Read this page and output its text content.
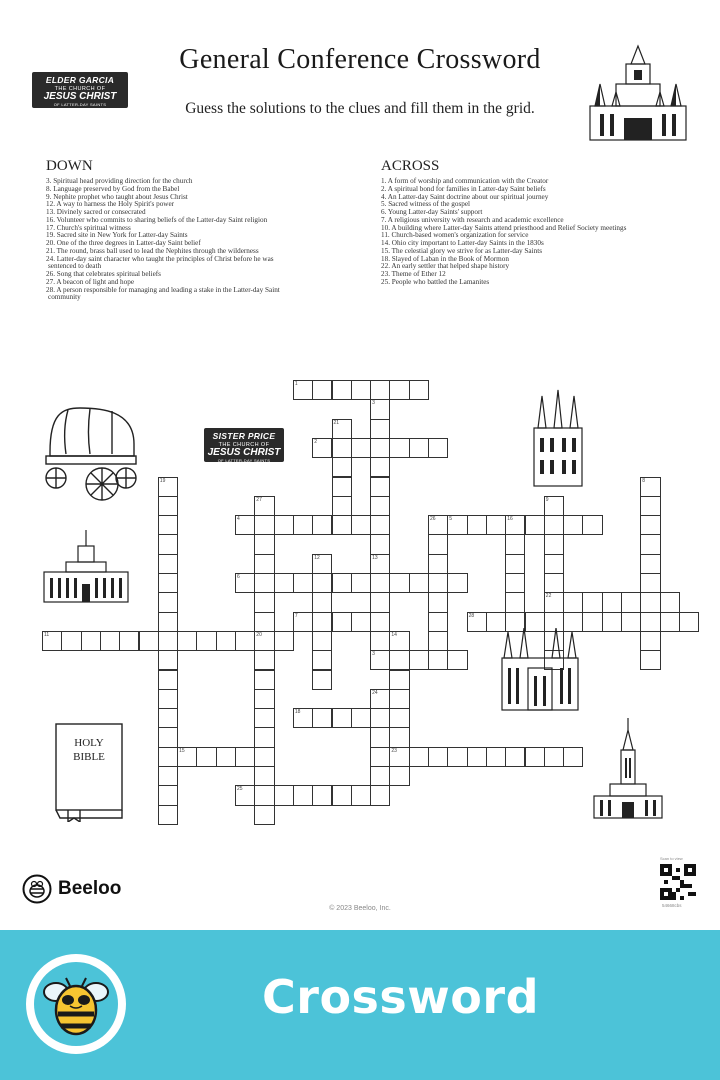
ELDER GARCIA
THE CHURCH OF
JESUS CHRIST
OF LATTER-DAY SAINTS
General Conference Crossword
Guess the solutions to the clues and fill them in the grid.
DOWN	ACROSS
3. Spiritual head providing direction for the church
8. Language preserved by God from the Babel
9. Nephite prophet who taught about Jesus Christ
12. A way to harness the Holy Spirit's power
13. Divinely sacred or consecrated
16. Volunteer who commits to sharing beliefs of the Latter-day Saint religion
17. Church's spiritual witness
19. Sacred site in New York for Latter-day Saints
20. One of the three degrees in Latter-day Saint belief
21. The round, brass ball used to lead the Nephites through the wilderness
24. Latter-day saint character who taught the principles of Christ before he was sentenced to death
26. Song that celebrates spiritual beliefs
27. A beacon of light and hope
28. A person responsible for managing and leading a stake in the Latter-day Saint community
1. A form of worship and communication with the Creator
2. A spiritual bond for families in Latter-day Saint beliefs
4. An Latter-day Saint doctrine about our spiritual journey
5. Sacred witness of the gospel
6. Young Latter-day Saints' support
7. A religious university with research and academic excellence
10. A building where Latter-day Saints attend priesthood and Relief Society meetings
11. Church-based women's organization for service
14. Ohio city important to Latter-day Saints in the 1830s
15. The celestial glory we strive for as Latter-day Saints
18. Slayed of Laban in the Book of Mormon
22. An early settler that helped shape history
23. Theme of Ether 12
25. People who battled the Lamanites
1
3
2
21
19
27
4	26	5
9
8
16
6
12	13
22
7	28
11	20	14
3
24
18
15	23
25
SISTER PRICE
THE CHURCH OF
JESUS CHRIST
OF LATTER-DAY SAINTS
HOLY
BIBLE
Beeloo
© 2023 Beeloo, Inc.
Scan to view
54668cbs
Crossword
